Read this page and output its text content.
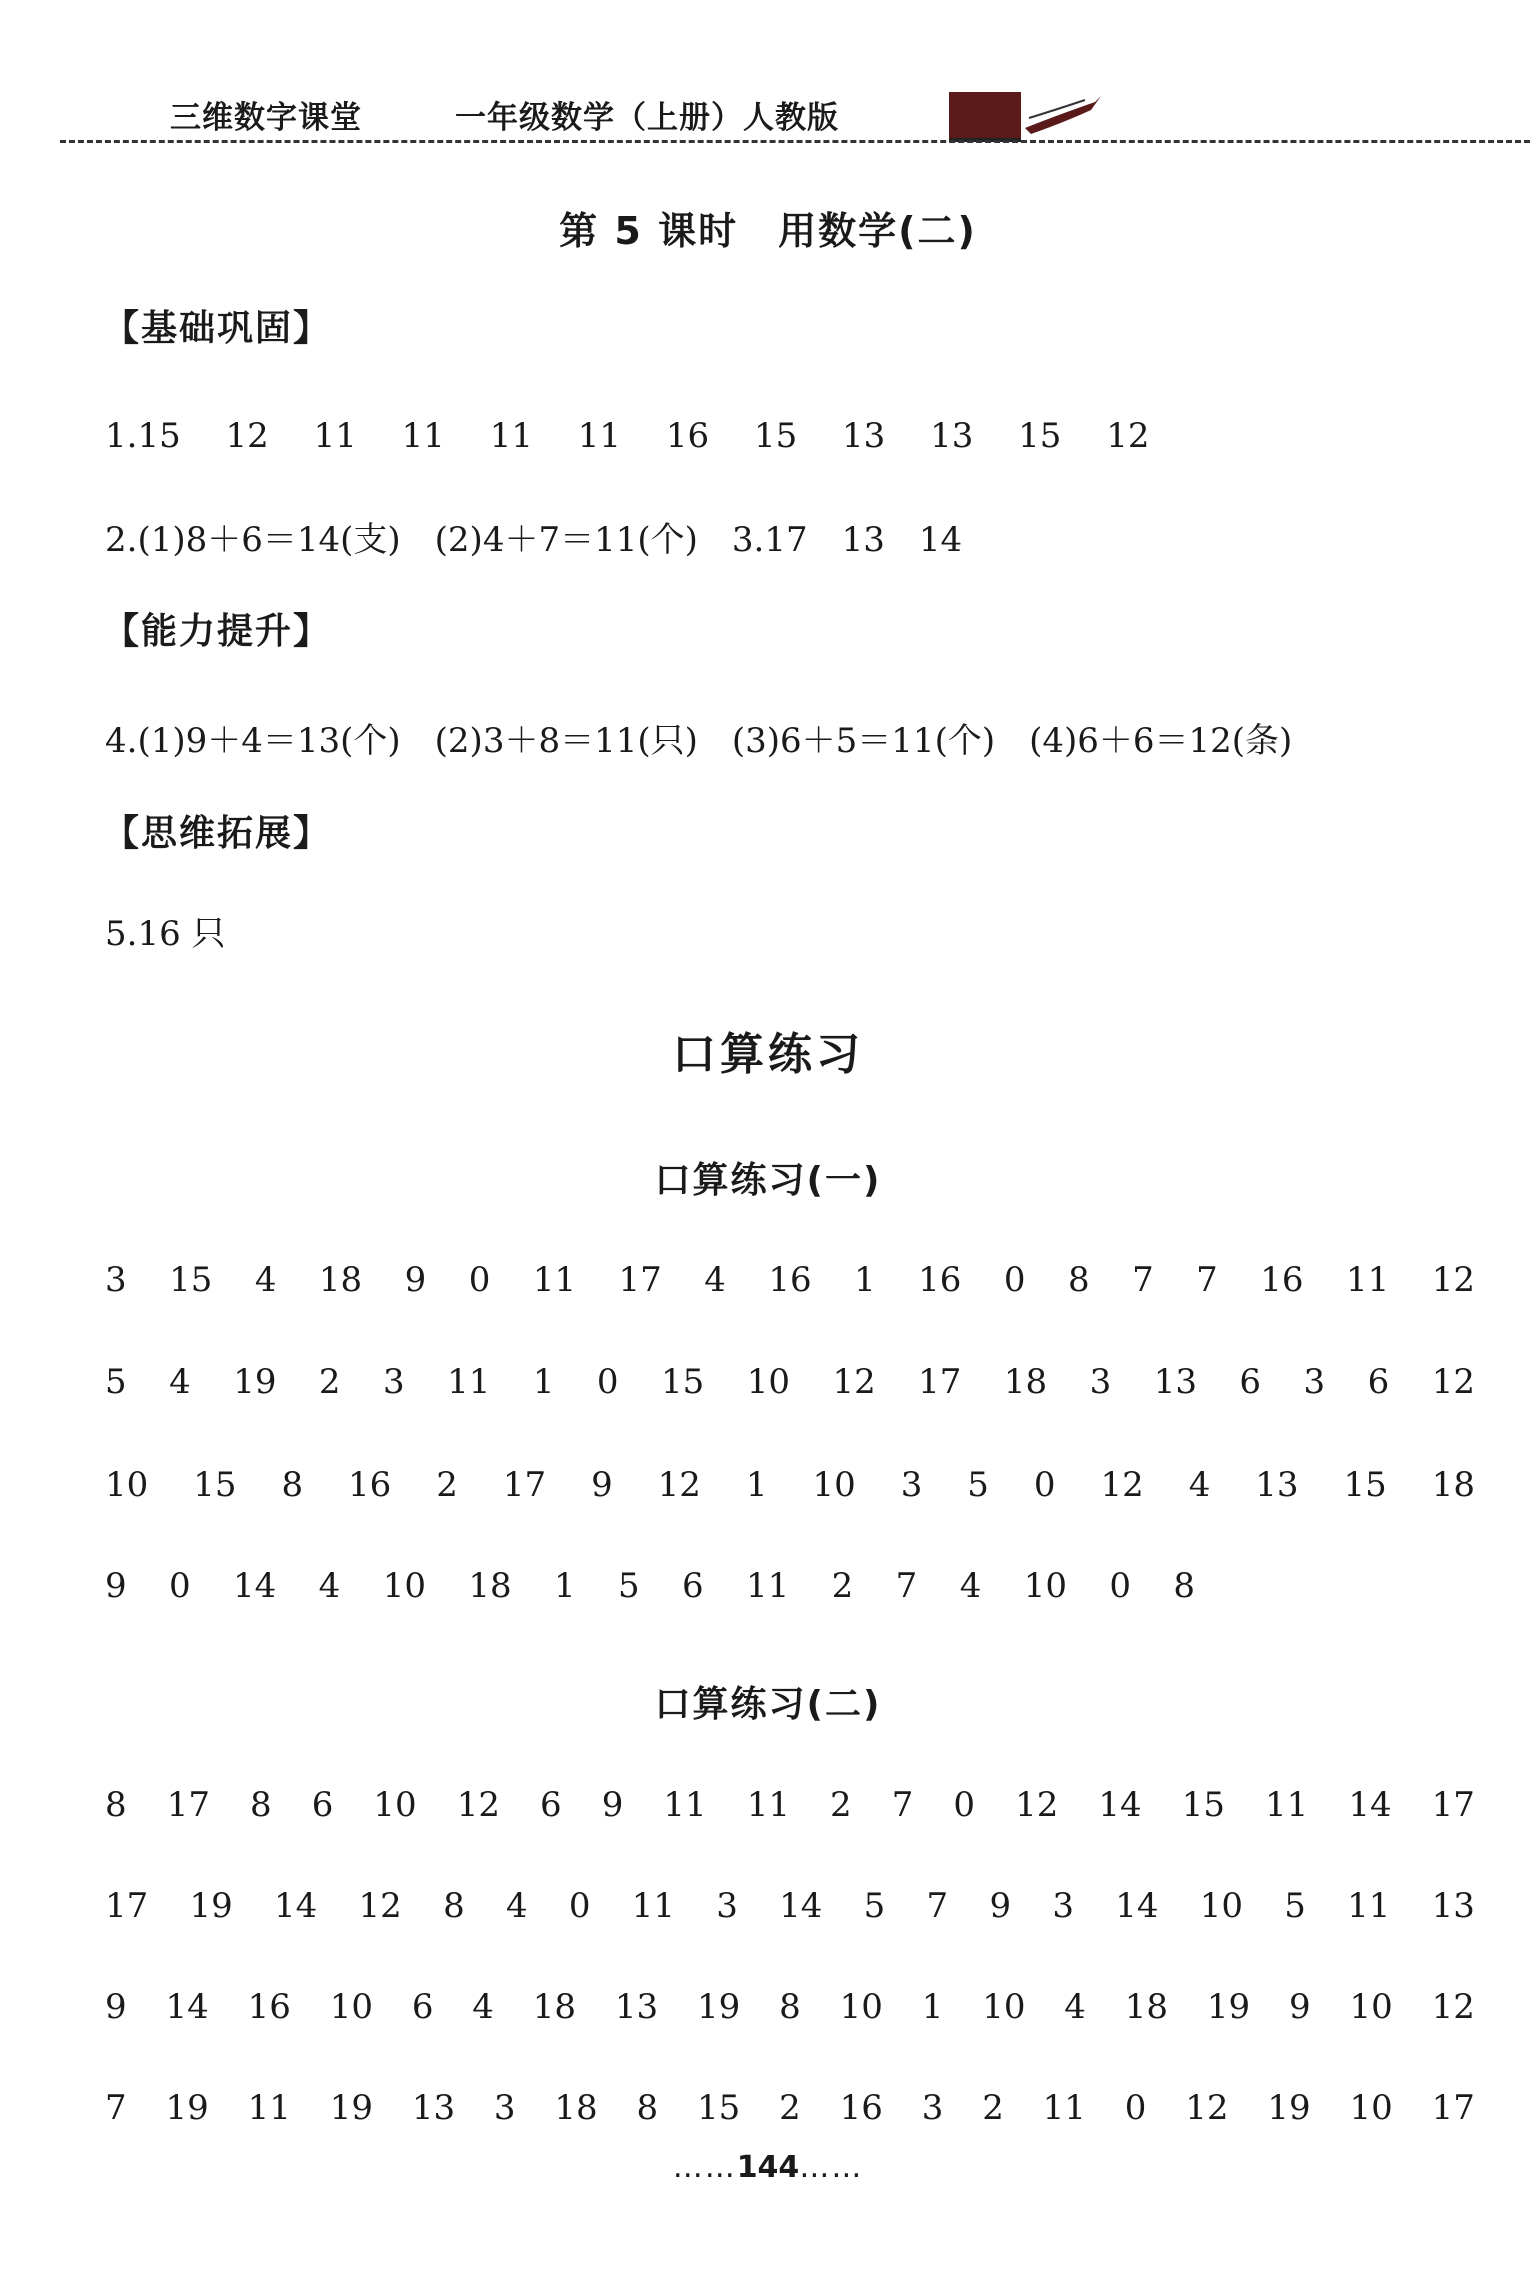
三维数字课堂	一年级数学（上册）人教版
第 5 课时　用数学(二)
【基础巩固】
1.15　 12　 11　 11　 11　 11　 16　 15　 13　 13　 15　 12
2.(1)8＋6＝14(支)　(2)4＋7＝11(个)　3.17　13　14
【能力提升】
4.(1)9＋4＝13(个)　(2)3＋8＝11(只)　(3)6＋5＝11(个)　(4)6＋6＝12(条)
【思维拓展】
5.16 只
口算练习
口算练习(一)
3 15 4 18 9 0 11 17 4 16 1 16 0 8 7 7 16 11 12
5 4 19 2 3 11 1 0 15 10 12 17 18 3 13 6 3 6 12
10 15 8 16 2 17 9 12 1 10 3 5 0 12 4 13 15 18
9 0 14 4 10 18 1 5 6 11 2 7 4 10 0 8
口算练习(二)
8 17 8 6 10 12 6 9 11 11 2 7 0 12 14 15 11 14 17
17 19 14 12 8 4 0 11 3 14 5 7 9 3 14 10 5 11 13
9 14 16 10 6 4 18 13 19 8 10 1 10 4 18 19 9 10 12
7 19 11 19 13 3 18 8 15 2 16 3 2 11 0 12 19 10 17
……144……
